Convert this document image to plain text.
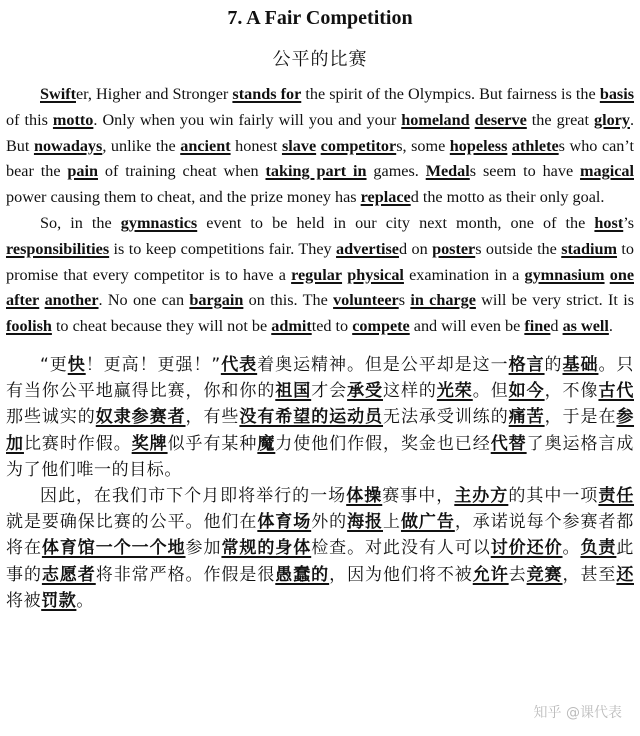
7. A Fair Competition
公平的比赛

Swifter, Higher and Stronger stands for the spirit of the Olympics. But fairness is the basis of this motto. Only when you win fairly will you and your homeland deserve the great glory. But nowadays, unlike the ancient honest slave competitors, some hopeless athletes who can’t bear the pain of training cheat when taking part in games. Medals seem to have magical power causing them to cheat, and the prize money has replaced the motto as their only goal.

So, in the gymnastics event to be held in our city next month, one of the host’s responsibilities is to keep competitions fair. They advertised on posters outside the stadium to promise that every competitor is to have a regular physical examination in a gymnasium one after another. No one can bargain on this. The volunteers in charge will be very strict. It is foolish to cheat because they will not be admitted to compete and will even be fined as well.

“更快！更高！更强！”代表着奥运精神。但是公平却是这一格言的基础。只有当你公平地赢得比赛，你和你的祖国才会承受这样的光荣。但如今，不像古代那些诚实的奴隶参赛者，有些没有希望的运动员无法承受训练的痛苦，于是在参加比赛时作假。奖牌似乎有某种魔力使他们作假，奖金也已经代替了奥运格言成为了他们唯一的目标。

因此，在我们市下个月即将举行的一场体操赛事中，主办方的其中一项责任就是要确保比赛的公平。他们在体育场外的海报上做广告，承诺说每个参赛者都将在体育馆一个一个地参加常规的身体检查。对此没有人可以讨价还价。负责此事的志愿者将非常严格。作假是很愚蠢的，因为他们将不被允许去竞赛，甚至还将被罚款。

知乎 @课代表
